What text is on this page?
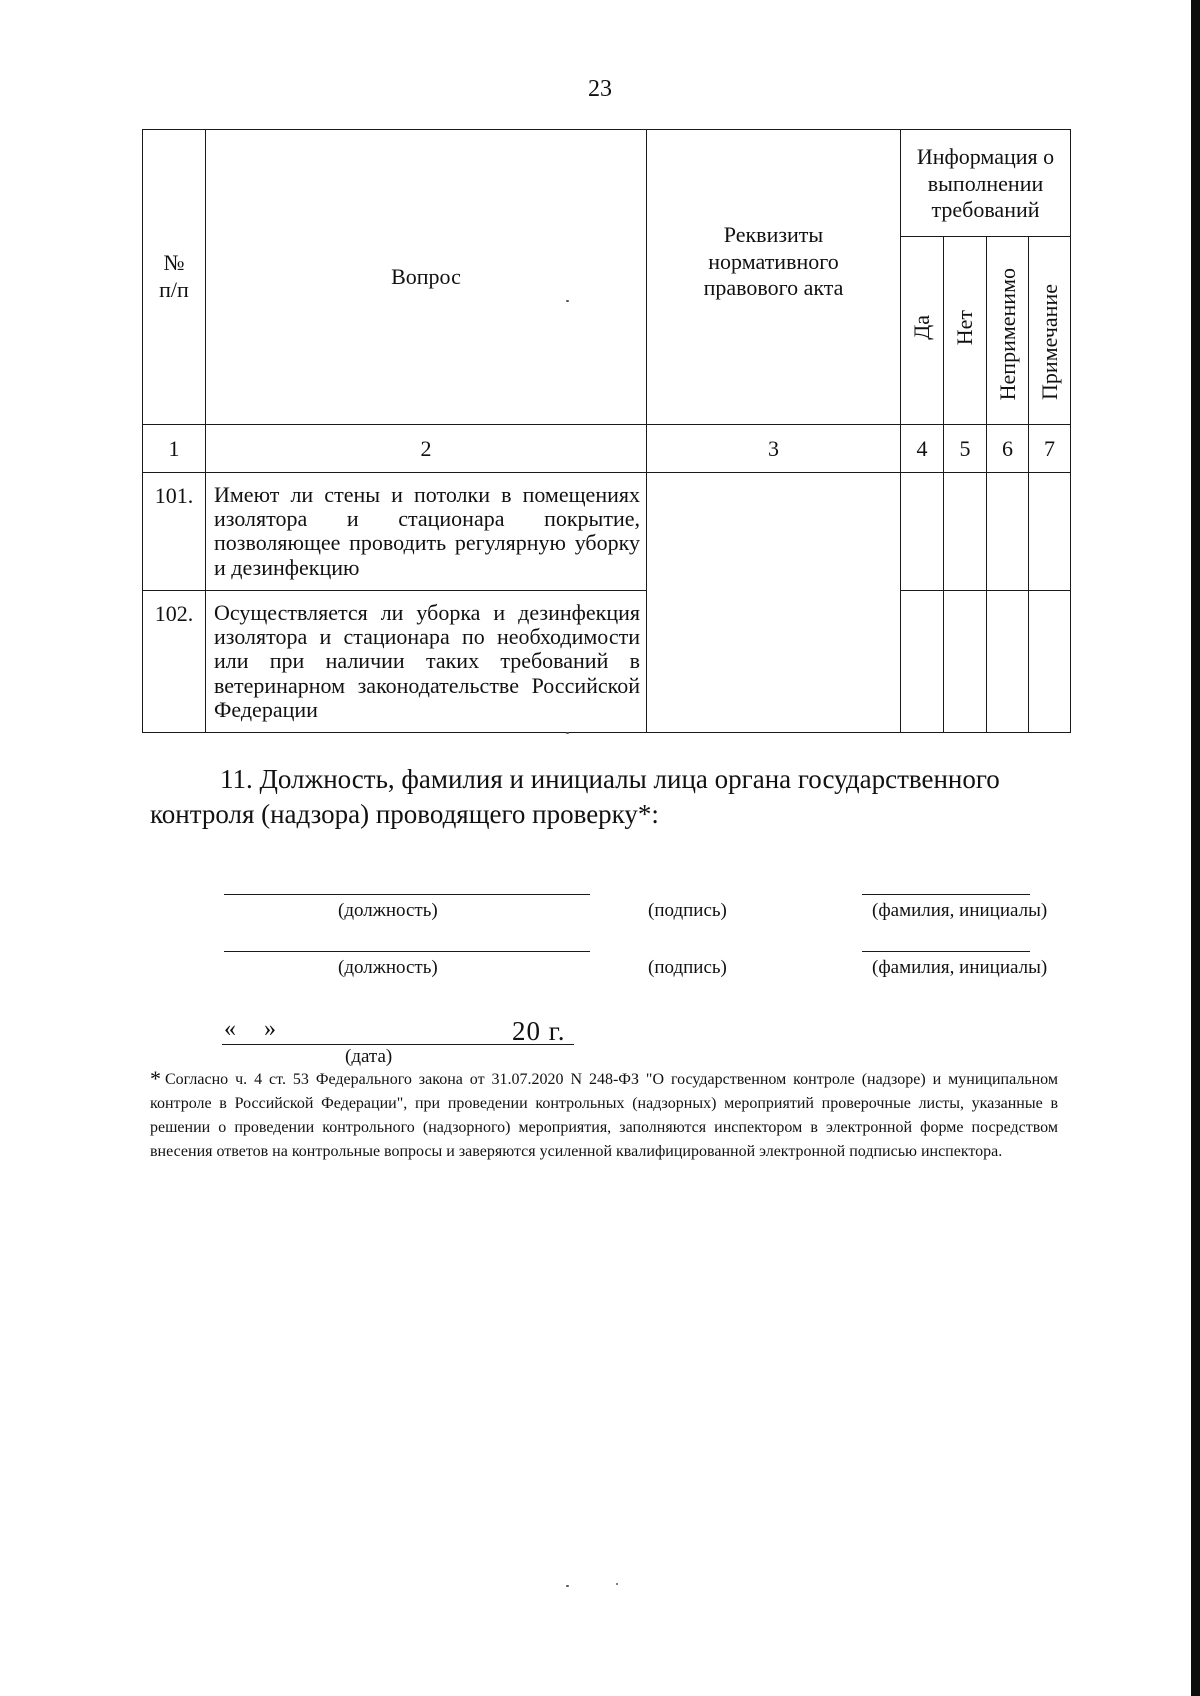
23
№ п/п	Вопрос	Реквизиты нормативного правового акта	Информация о выполнении требований			
			Да	Нет	Неприменимо	Примечание
1	2	3	4	5	6	7
101.	Имеют ли стены и потолки в помещениях изолятора и стационара покрытие, позволяющее проводить регулярную уборку и дезинфекцию					
102.	Осуществляется ли уборка и дезинфекция изолятора и стационара по необходимости или при наличии таких требований в ветеринарном законодательстве Российской Федерации					

11. Должность, фамилия и инициалы лица органа государственного контроля (надзора) проводящего проверку*:

(должность)	(подпись)	(фамилия, инициалы)
(должность)	(подпись)	(фамилия, инициалы)
« »	20 г.
(дата)

* Согласно ч. 4 ст. 53 Федерального закона от 31.07.2020 N 248-ФЗ "О государственном контроле (надзоре) и муниципальном контроле в Российской Федерации", при проведении контрольных (надзорных) мероприятий проверочные листы, указанные в решении о проведении контрольного (надзорного) мероприятия, заполняются инспектором в электронной форме посредством внесения ответов на контрольные вопросы и заверяются усиленной квалифицированной электронной подписью инспектора.
